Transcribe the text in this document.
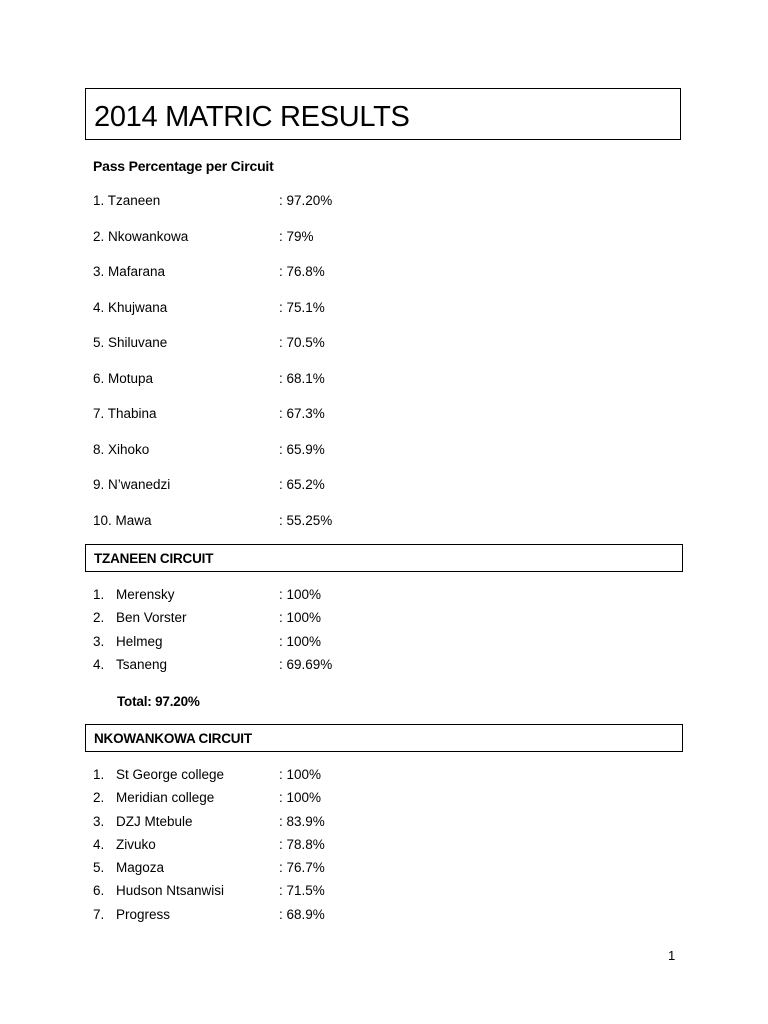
2014 MATRIC RESULTS
Pass Percentage per Circuit
1. Tzaneen	: 97.20%
2. Nkowankowa	: 79%
3. Mafarana	: 76.8%
4. Khujwana	: 75.1%
5. Shiluvane	: 70.5%
6. Motupa	: 68.1%
7. Thabina	: 67.3%
8. Xihoko	: 65.9%
9. N’wanedzi	: 65.2%
10. Mawa	: 55.25%
TZANEEN CIRCUIT
1. Merensky	: 100%
2. Ben Vorster	: 100%
3. Helmeg	: 100%
4. Tsaneng	: 69.69%
Total: 97.20%
NKOWANKOWA CIRCUIT
1. St George college	: 100%
2. Meridian college	: 100%
3. DZJ Mtebule	: 83.9%
4. Zivuko	: 78.8%
5. Magoza	: 76.7%
6. Hudson Ntsanwisi	: 71.5%
7. Progress	: 68.9%
1
